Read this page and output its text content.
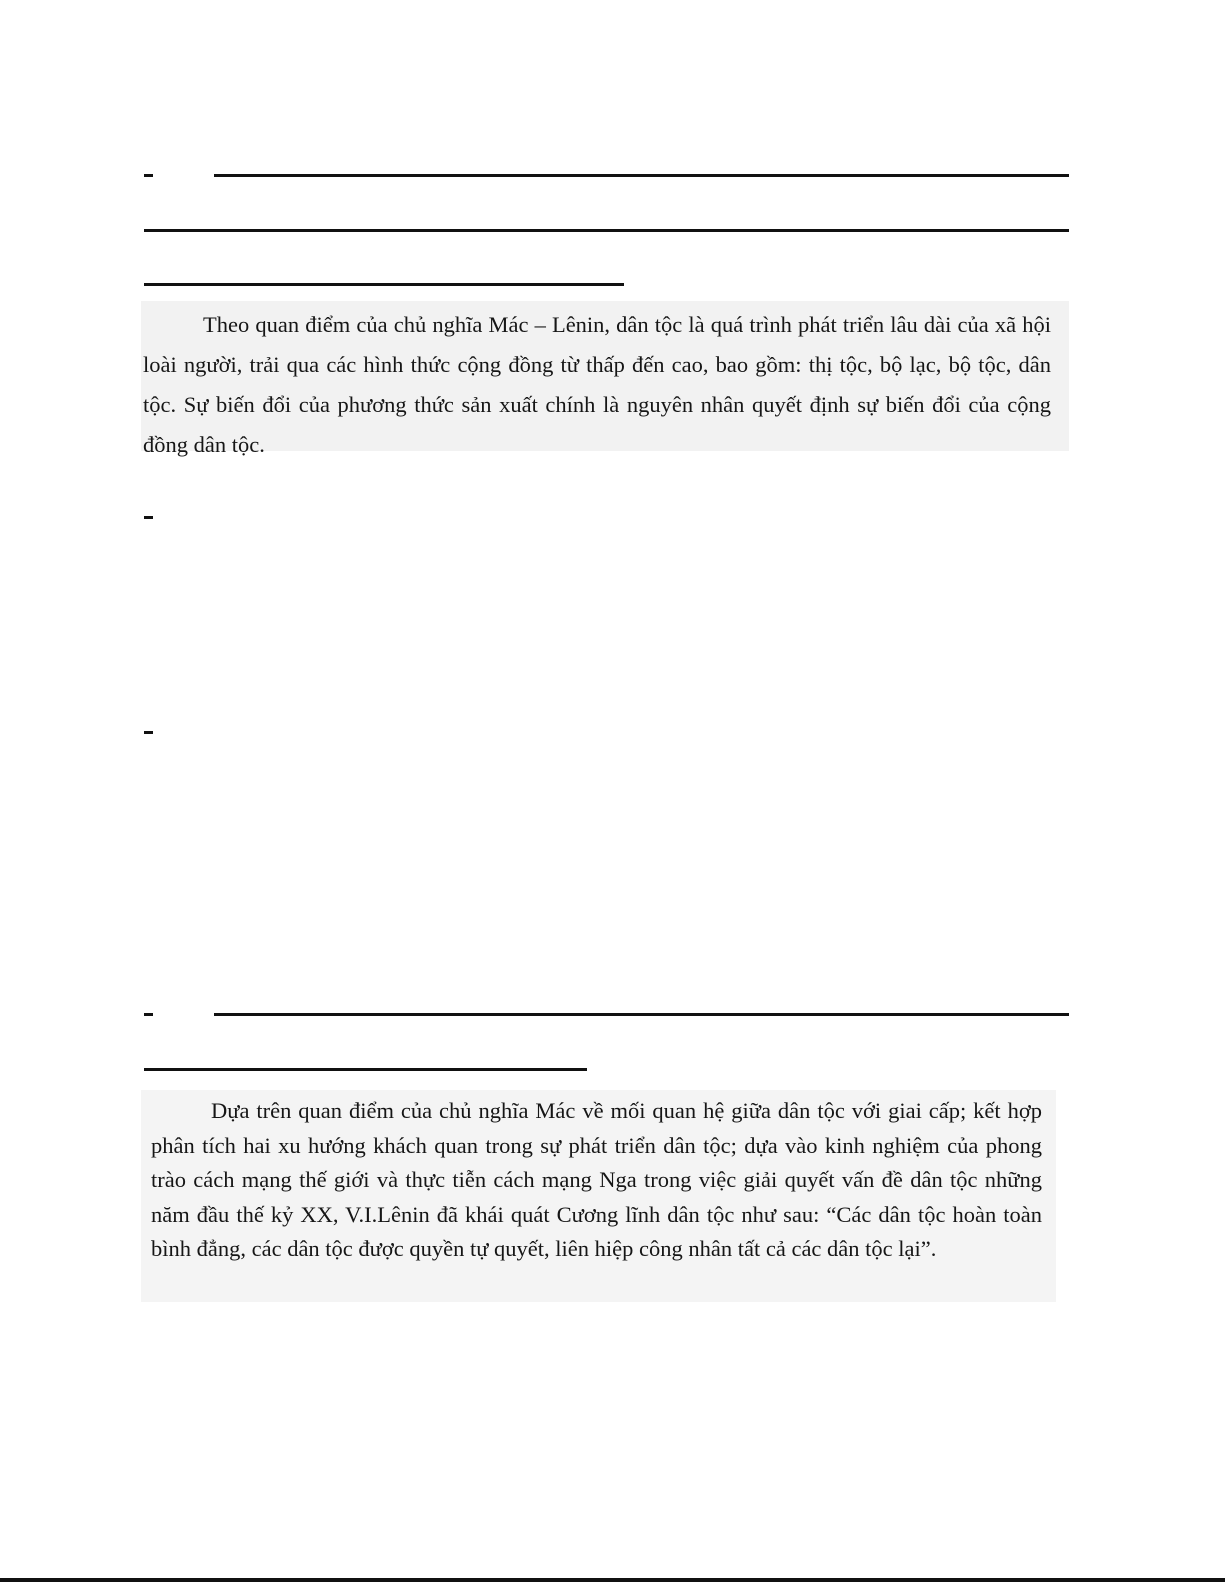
Theo quan điểm của chủ nghĩa Mác – Lênin, dân tộc là quá trình phát triển lâu dài của xã hội loài người, trải qua các hình thức cộng đồng từ thấp đến cao, bao gồm: thị tộc, bộ lạc, bộ tộc, dân tộc. Sự biến đổi của phương thức sản xuất chính là nguyên nhân quyết định sự biến đổi của cộng đồng dân tộc.

Dựa trên quan điểm của chủ nghĩa Mác về mối quan hệ giữa dân tộc với giai cấp; kết hợp phân tích hai xu hướng khách quan trong sự phát triển dân tộc; dựa vào kinh nghiệm của phong trào cách mạng thế giới và thực tiễn cách mạng Nga trong việc giải quyết vấn đề dân tộc những năm đầu thế kỷ XX, V.I.Lênin đã khái quát Cương lĩnh dân tộc như sau: “Các dân tộc hoàn toàn bình đẳng, các dân tộc được quyền tự quyết, liên hiệp công nhân tất cả các dân tộc lại”.
